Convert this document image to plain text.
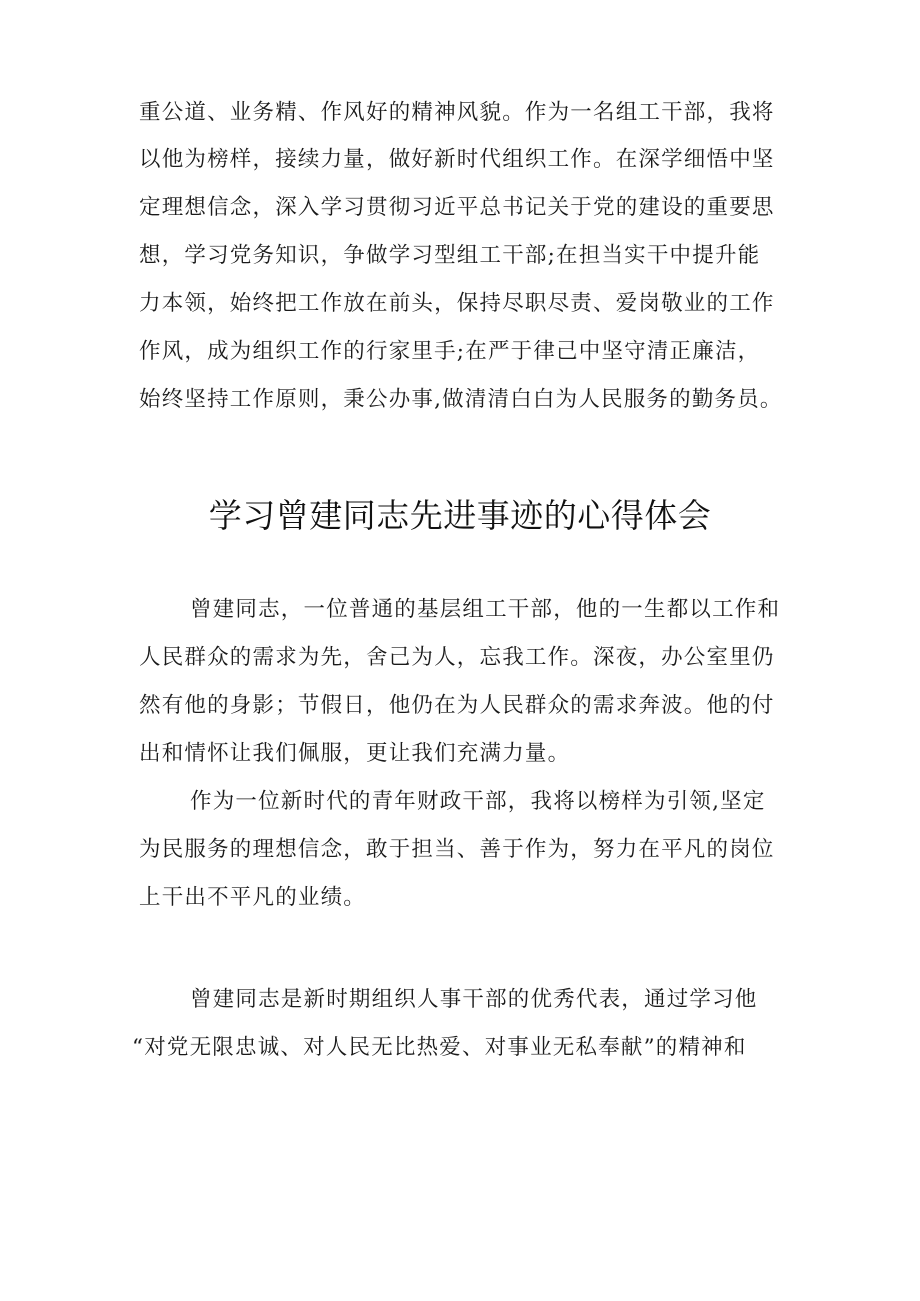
重公道、业务精、作风好的精神风貌。作为一名组工干部，我将
以他为榜样，接续力量，做好新时代组织工作。在深学细悟中坚
定理想信念，深入学习贯彻习近平总书记关于党的建设的重要思
想，学习党务知识，争做学习型组工干部;在担当实干中提升能
力本领，始终把工作放在前头，保持尽职尽责、爱岗敬业的工作
作风，成为组织工作的行家里手;在严于律己中坚守清正廉洁，
始终坚持工作原则，秉公办事,做清清白白为人民服务的勤务员。
学习曾建同志先进事迹的心得体会
曾建同志，一位普通的基层组工干部，他的一生都以工作和
人民群众的需求为先，舍己为人，忘我工作。深夜，办公室里仍
然有他的身影；节假日，他仍在为人民群众的需求奔波。他的付
出和情怀让我们佩服，更让我们充满力量。
作为一位新时代的青年财政干部，我将以榜样为引领,坚定
为民服务的理想信念，敢于担当、善于作为，努力在平凡的岗位
上干出不平凡的业绩。
曾建同志是新时期组织人事干部的优秀代表，通过学习他
“对党无限忠诚、对人民无比热爱、对事业无私奉献”的精神和
